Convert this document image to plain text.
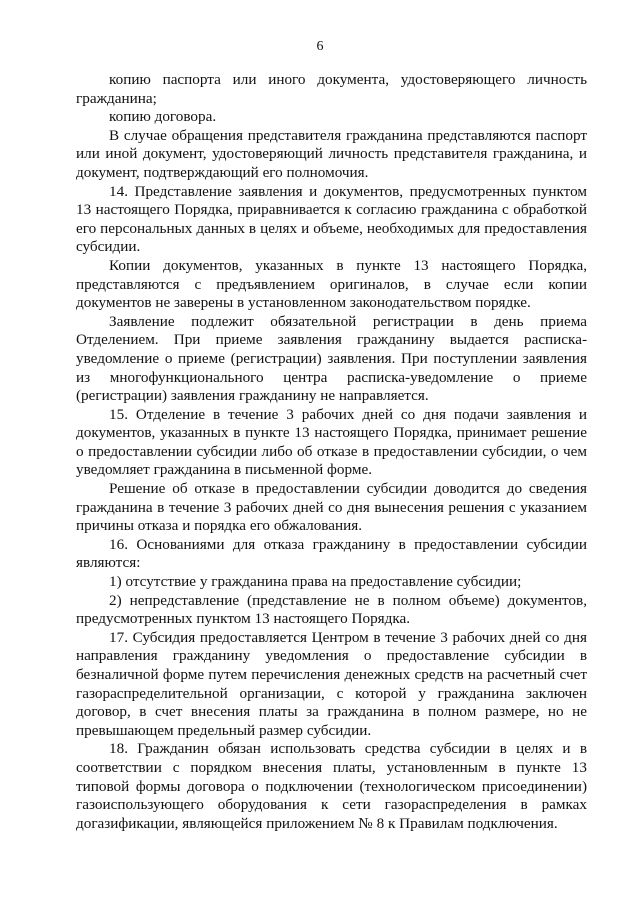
6

копию паспорта или иного документа, удостоверяющего личность гражданина;

копию договора.

В случае обращения представителя гражданина представляются паспорт или иной документ, удостоверяющий личность представителя гражданина, и документ, подтверждающий его полномочия.

14. Представление заявления и документов, предусмотренных пунктом 13 настоящего Порядка, приравнивается к согласию гражданина с обработкой его персональных данных в целях и объеме, необходимых для предоставления субсидии.

Копии документов, указанных в пункте 13 настоящего Порядка, представляются с предъявлением оригиналов, в случае если копии документов не заверены в установленном законодательством порядке.

Заявление подлежит обязательной регистрации в день приема Отделением. При приеме заявления гражданину выдается расписка-уведомление о приеме (регистрации) заявления. При поступлении заявления из многофункционального центра расписка-уведомление о приеме (регистрации) заявления гражданину не направляется.

15. Отделение в течение 3 рабочих дней со дня подачи заявления и документов, указанных в пункте 13 настоящего Порядка, принимает решение о предоставлении субсидии либо об отказе в предоставлении субсидии, о чем уведомляет гражданина в письменной форме.

Решение об отказе в предоставлении субсидии доводится до сведения гражданина в течение 3 рабочих дней со дня вынесения решения с указанием причины отказа и порядка его обжалования.

16. Основаниями для отказа гражданину в предоставлении субсидии являются:

1) отсутствие у гражданина права на предоставление субсидии;

2) непредставление (представление не в полном объеме) документов, предусмотренных пунктом 13 настоящего Порядка.

17. Субсидия предоставляется Центром в течение 3 рабочих дней со дня направления гражданину уведомления о предоставление субсидии в безналичной форме путем перечисления денежных средств на расчетный счет газораспределительной организации, с которой у гражданина заключен договор, в счет внесения платы за гражданина в полном размере, но не превышающем предельный размер субсидии.

18. Гражданин обязан использовать средства субсидии в целях и в соответствии с порядком внесения платы, установленным в пункте 13 типовой формы договора о подключении (технологическом присоединении) газоиспользующего оборудования к сети газораспределения в рамках догазификации, являющейся приложением № 8 к Правилам подключения.
